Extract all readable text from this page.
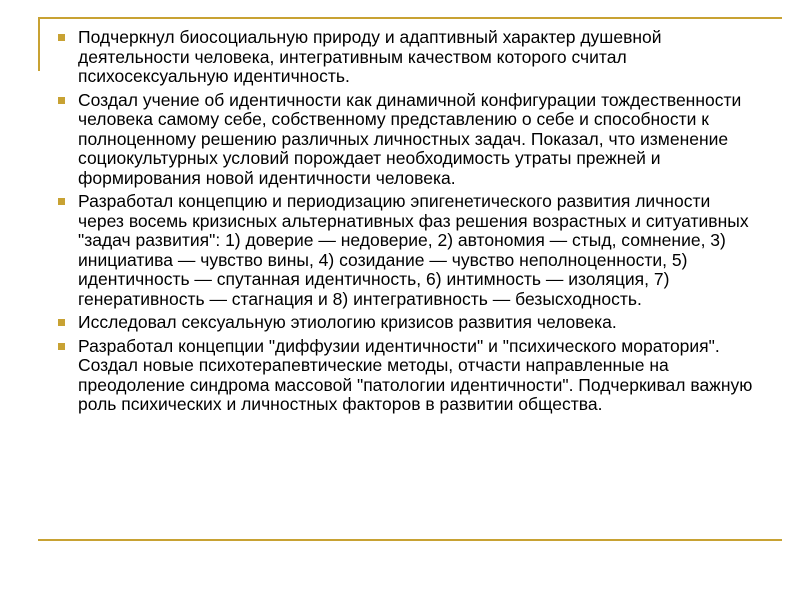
Подчеркнул биосоциальную природу и адаптивный характер душевной деятельности человека, интегративным качеством которого считал психосексуальную идентичность.
Создал учение об идентичности как динамичной конфигурации тождественности человека самому себе, собственному представлению о себе и способности к полноценному решению различных личностных задач. Показал, что изменение социокультурных условий порождает необходимость утраты прежней и формирования новой идентичности человека.
Разработал концепцию и периодизацию эпигенетического развития личности через восемь кризисных альтернативных фаз решения возрастных и ситуативных "задач развития": 1) доверие — недоверие, 2) автономия — стыд, сомнение, 3) инициатива — чувство вины, 4) созидание — чувство неполноценности, 5) идентичность — спутанная идентичность, 6) интимность — изоляция, 7) генеративность — стагнация и 8) интегративность — безысходность.
Исследовал сексуальную этиологию кризисов развития человека.
Разработал концепции "диффузии идентичности" и "психического моратория". Создал новые психотерапевтические методы, отчасти направленные на преодоление синдрома массовой "патологии идентичности". Подчеркивал важную роль психических и личностных факторов в развитии общества.
